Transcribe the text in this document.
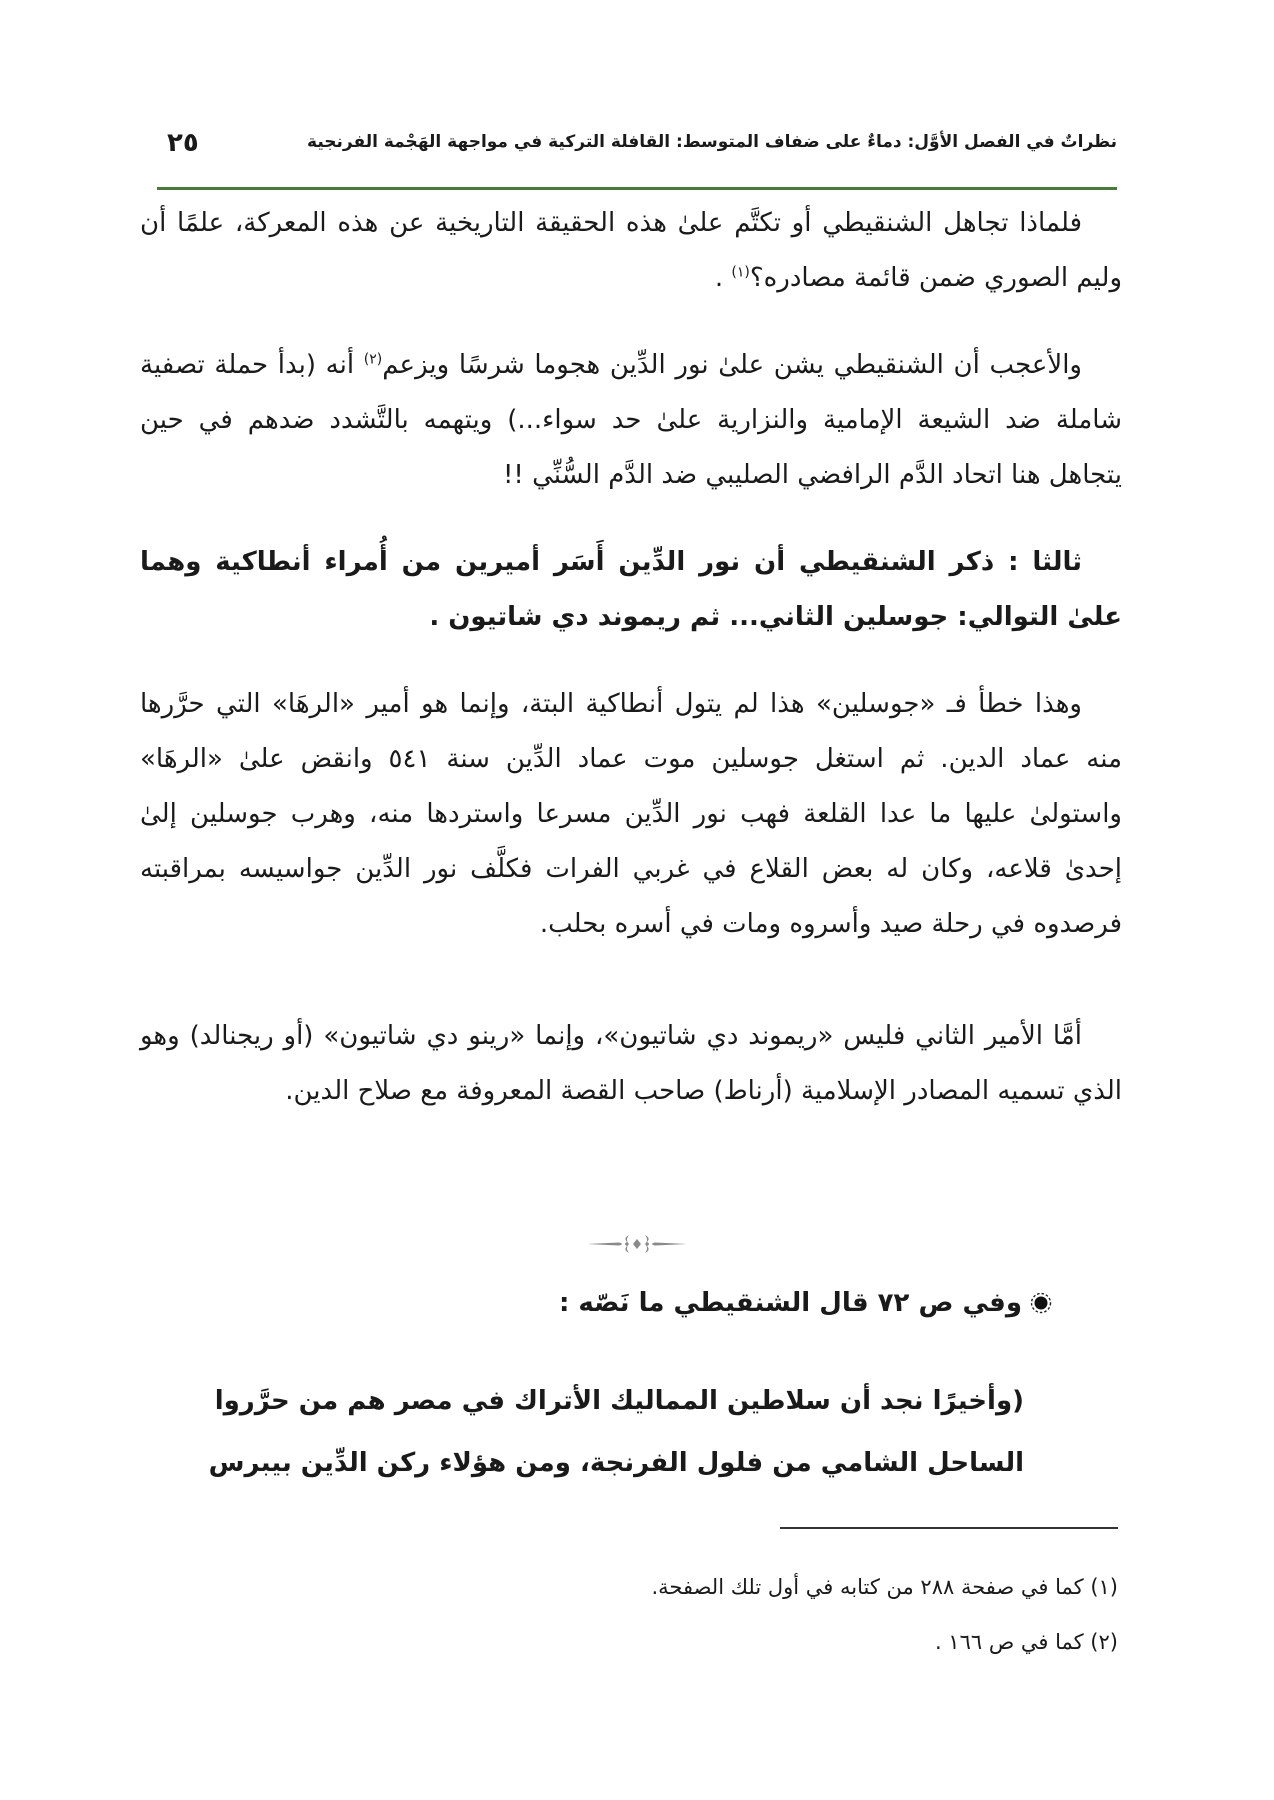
نظراتٌ في الفصل الأوَّل: دماءٌ على ضفاف المتوسط: القافلة التركية في مواجهة الهَجْمة الفرنجية
٢٥

فلماذا تجاهل الشنقيطي أو تكتَّم علىٰ هذه الحقيقة التاريخية عن هذه المعركة، علمًا أن وليم الصوري ضمن قائمة مصادره؟$^{(١)}$ .

والأعجب أن الشنقيطي يشن علىٰ نور الدِّين هجوما شرسًا ويزعم$^{(٢)}$ أنه (بدأ حملة تصفية شاملة ضد الشيعة الإمامية والنزارية علىٰ حد سواء...) ويتهمه بالتَّشدد ضدهم في حين يتجاهل هنا اتحاد الدَّم الرافضي الصليبي ضد الدَّم السُّنِّي !!

ثالثا : ذكر الشنقيطي أن نور الدِّين أَسَر أميرين من أُمراء أنطاكية وهما علىٰ التوالي: جوسلين الثاني... ثم ريموند دي شاتيون .

وهذا خطأ فـ «جوسلين» هذا لم يتول أنطاكية البتة، وإنما هو أمير «الرهَا» التي حرَّرها منه عماد الدين. ثم استغل جوسلين موت عماد الدِّين سنة ٥٤١ وانقض علىٰ «الرهَا» واستولىٰ عليها ما عدا القلعة فهب نور الدِّين مسرعا واستردها منه، وهرب جوسلين إلىٰ إحدىٰ قلاعه، وكان له بعض القلاع في غربي الفرات فكلَّف نور الدِّين جواسيسه بمراقبته فرصدوه في رحلة صيد وأسروه ومات في أسره بحلب.

أمَّا الأمير الثاني فليس «ريموند دي شاتيون»، وإنما «رينو دي شاتيون» (أو ريجنالد) وهو الذي تسميه المصادر الإسلامية (أرناط) صاحب القصة المعروفة مع صلاح الدين.

وفي ص ٧٢ قال الشنقيطي ما نَصّه :

(وأخيرًا نجد أن سلاطين المماليك الأتراك في مصر هم من حرَّروا

الساحل الشامي من فلول الفرنجة، ومن هؤلاء ركن الدِّين بيبرس

(١) كما في صفحة ٢٨٨ من كتابه في أول تلك الصفحة.

(٢) كما في ص ١٦٦ .
